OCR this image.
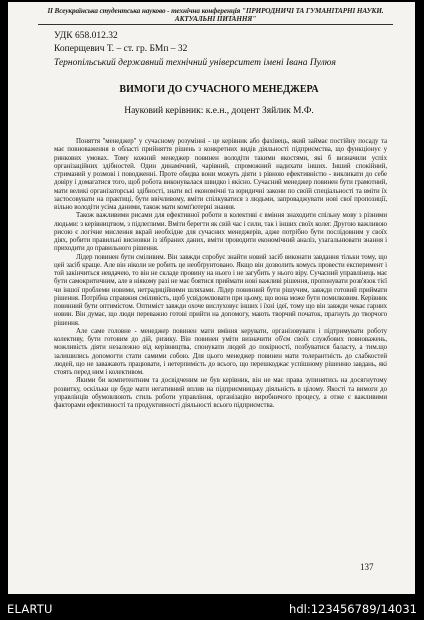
II Всеукраїнська студентська науково - технічна конференція "ПРИРОДНИЧІ ТА ГУМАНІТАРНІ НАУКИ.
АКТУАЛЬНІ ПИТАННЯ"
УДК 658.012.32
Коперщевич Т. – ст. гр. БМп – 32
Тернопільський державний технічний університет імені Івана Пулюя
ВИМОГИ ДО СУЧАСНОГО МЕНЕДЖЕРА
Науковий керівник: к.е.н., доцент Зяйлик М.Ф.

Поняття "менеджер" у сучасному розумінні - це керівник або фахівець, який займає постійну посаду та має повноваження в області прийняття рішень з конкретних видів діяльності підприємства, що функціонує у ринкових умовах. Тому кожний менеджер повинен володіти такими якостями, які б визначили успіх організаційних здібностей. Один динамічний, чарівний, спроможний надихати інших. Інший спокійний, стриманий у розмові і поводженні. Проте обидва вони можуть діяти з рівною ефективністю - викликати до себе довіру і домагатися того, щоб робота виконувалася швидко і якісно. Сучасний менеджер повинен бути грамотний, мати великі організаторські здібності, знати всі економічні та юридичні закони по своїй спеціальності та вміти їх застосовувати на практиці, бути ввічливому, вміти спілкуватися з людьми, запроваджувати нові свої пропозиції, вільно володіти усіма даними, також мати комп'ютерні знання.

Також важливими рисами для ефективної роботи в колективі є вміння знаходити спільну мову з різними людьми: з керівництвом, з підлеглими. Вміти берегти як свій час і сили, так і інших своїх колег. Другою важливою рисою є логічне мислення вкрай необхідне для сучасних менеджерів, адже потрібно бути послідовним у своїх діях, робити правильні висновки із зібраних даних, вміти проводити економічний аналіз, узагальнювати знання і приходити до правильного рішення.

Лідер повинен бути сміливим. Він завжди спробує знайти новий засіб виконати завдання тільки тому, що цей засіб краще. Але він ніколи не робить це необґрунтовано. Якщо він дозволить комусь провести експеримент і той закінчиться невдачею, то він не складе провину на нього і не загубить у нього віру. Сучасний управлінець має бути самокритичним, але в ніякому разі не має боятися приймати нові важливі рішення, пропонувати розв'язок тієї чи іншої проблеми новими, нетрадиційними шляхами. Лідер повинний бути рішучим, завжди готовий приймати рішення. Потрібна справжня сміливість, щоб усвідомлювати при цьому, що вона може бути помилковим. Керівник повинний бути оптимістом. Оптиміст завжди охоче вислуховує інших і їхні ідеї, тому що він завжди чекає гарних новин. Він думає, що люди переважно готові прийти на допомогу, мають творчий початок, прагнуть до творчого рішення.

Але саме головне - менеджер повинен мати вміння керувати, організовувати і підтримувати роботу колективу, бути готовим до дій, ризику. Він повинен уміти визначити об'єм своїх службових повноважень, можливість діяти незалежно від керівництва, спонукати людей до покірності, позбуватися баласту, а тим.що залишились допомогти стати самими собою. Для цього менеджер повинен мати толерантність до слабкостей людей, що не заважають працювати, і нетерпимість до всього, що перешкоджає успішному рішенню завдань, які стоять перед ним і колективом.

Якими би компетентним та досвідченим не був керівник, він не має права зупинятись на досягнутому розвитку, оскільки це буде мати негативний вплив на підприємницьку діяльність в цілому. Якості та вимоги до управлінців обумовлюють стиль роботи управління, організацію виробничого процесу, а отже є важливими факторами ефективності та продуктивності діяльності всього підприємства.

137
ELARTU	hdl:123456789/14031
